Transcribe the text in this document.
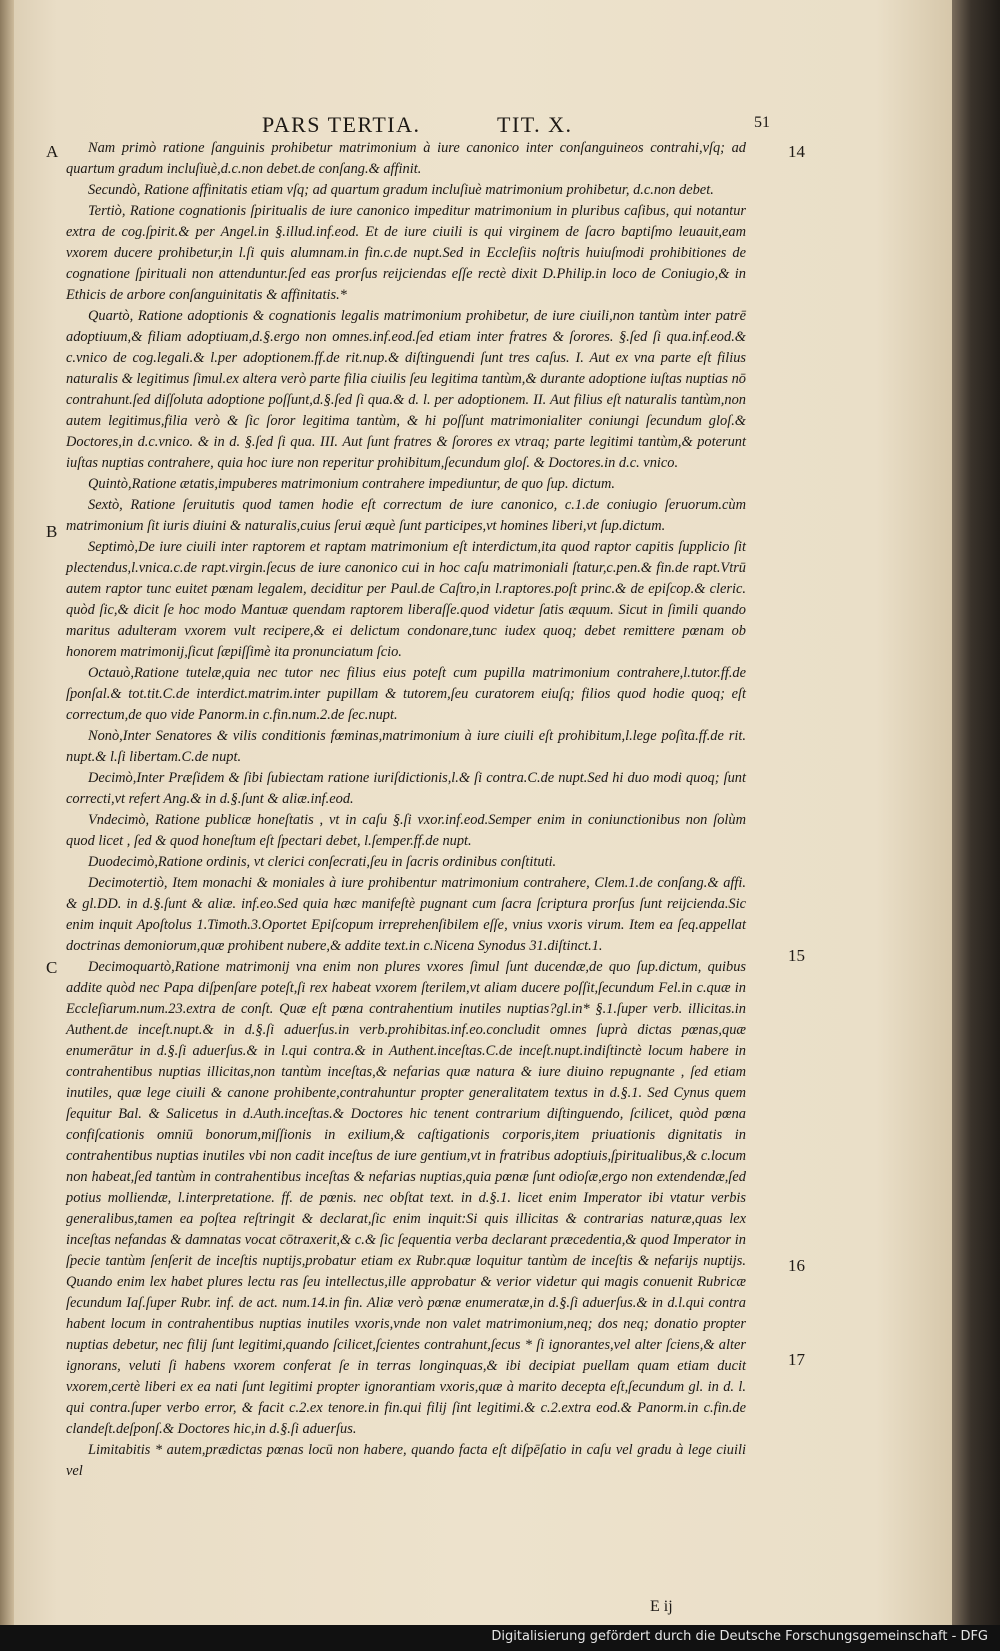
PARS TERTIA.	TIT. X.	51
A
B
C
14
15
16
17

Nam primò ratione ſanguinis prohibetur matrimonium à iure canonico inter conſanguineos contrahi,vſq; ad quartum gradum incluſiuè,d.c.non debet.de conſang.& affinit.

Secundò, Ratione affinitatis etiam vſq; ad quartum gradum incluſiuè matrimonium prohibetur, d.c.non debet.

Tertiò, Ratione cognationis ſpiritualis de iure canonico impeditur matrimonium in pluribus caſibus, qui notantur extra de cog.ſpirit.& per Angel.in §.illud.inf.eod. Et de iure ciuili is qui virginem de ſacro baptiſmo leuauit,eam vxorem ducere prohibetur,in l.ſi quis alumnam.in fin.c.de nupt.Sed in Eccleſiis noſtris huiuſmodi prohibitiones de cognatione ſpirituali non attenduntur.ſed eas prorſus reijciendas eſſe rectè dixit D.Philip.in loco de Coniugio,& in Ethicis de arbore conſanguinitatis & affinitatis.*

Quartò, Ratione adoptionis & cognationis legalis matrimonium prohibetur, de iure ciuili,non tantùm inter patrē adoptiuum,& filiam adoptiuam,d.§.ergo non omnes.inf.eod.ſed etiam inter fratres & ſorores. §.ſed ſi qua.inf.eod.& c.vnico de cog.legali.& l.per adoptionem.ff.de rit.nup.& diſtinguendi ſunt tres caſus. I. Aut ex vna parte eſt filius naturalis & legitimus ſimul.ex altera verò parte filia ciuilis ſeu legitima tantùm,& durante adoptione iuſtas nuptias nō contrahunt.ſed diſſoluta adoptione poſſunt,d.§.ſed ſi qua.& d. l. per adoptionem. II. Aut filius eſt naturalis tantùm,non autem legitimus,filia verò & ſic ſoror legitima tantùm, & hi poſſunt matrimonialiter coniungi ſecundum gloſ.& Doctores,in d.c.vnico. & in d. §.ſed ſi qua. III. Aut ſunt fratres & ſorores ex vtraq; parte legitimi tantùm,& poterunt iuſtas nuptias contrahere, quia hoc iure non reperitur prohibitum,ſecundum gloſ. & Doctores.in d.c. vnico.

Quintò,Ratione ætatis,impuberes matrimonium contrahere impediuntur, de quo ſup. dictum.

Sextò, Ratione ſeruitutis quod tamen hodie eſt correctum de iure canonico, c.1.de coniugio ſeruorum.cùm matrimonium ſit iuris diuini & naturalis,cuius ſerui æquè ſunt participes,vt homines liberi,vt ſup.dictum.

Septimò,De iure ciuili inter raptorem et raptam matrimonium eſt interdictum,ita quod raptor capitis ſupplicio ſit plectendus,l.vnica.c.de rapt.virgin.ſecus de iure canonico cui in hoc caſu matrimoniali ſtatur,c.pen.& fin.de rapt.Vtrū autem raptor tunc euitet pœnam legalem, deciditur per Paul.de Caſtro,in l.raptores.poſt princ.& de epiſcop.& cleric. quòd ſic,& dicit ſe hoc modo Mantuæ quendam raptorem liberaſſe.quod videtur ſatis æquum. Sicut in ſimili quando maritus adulteram vxorem vult recipere,& ei delictum condonare,tunc iudex quoq; debet remittere pœnam ob honorem matrimonij,ſicut ſæpiſſimè ita pronunciatum ſcio.

Octauò,Ratione tutelæ,quia nec tutor nec filius eius poteſt cum pupilla matrimonium contrahere,l.tutor.ff.de ſponſal.& tot.tit.C.de interdict.matrim.inter pupillam & tutorem,ſeu curatorem eiuſq; filios quod hodie quoq; eſt correctum,de quo vide Panorm.in c.fin.num.2.de ſec.nupt.

Nonò,Inter Senatores & vilis conditionis fœminas,matrimonium à iure ciuili eſt prohibitum,l.lege poſita.ff.de rit. nupt.& l.ſi libertam.C.de nupt.

Decimò,Inter Præſidem & ſibi ſubiectam ratione iuriſdictionis,l.& ſi contra.C.de nupt.Sed hi duo modi quoq; ſunt correcti,vt refert Ang.& in d.§.ſunt & aliæ.inf.eod.

Vndecimò, Ratione publicæ honeſtatis , vt in caſu §.ſi vxor.inf.eod.Semper enim in coniunctionibus non ſolùm quod licet , ſed & quod honeſtum eſt ſpectari debet, l.ſemper.ff.de nupt.

Duodecimò,Ratione ordinis, vt clerici conſecrati,ſeu in ſacris ordinibus conſtituti.

Decimotertiò, Item monachi & moniales à iure prohibentur matrimonium contrahere, Clem.1.de conſang.& affi. & gl.DD. in d.§.ſunt & aliæ. inf.eo.Sed quia hæc manifeſtè pugnant cum ſacra ſcriptura prorſus ſunt reijcienda.Sic enim inquit Apoſtolus 1.Timoth.3.Oportet Epiſcopum irreprehenſibilem eſſe, vnius vxoris virum. Item ea ſeq.appellat doctrinas demoniorum,quæ prohibent nubere,& addite text.in c.Nicena Synodus 31.diſtinct.1.

Decimoquartò,Ratione matrimonij vna enim non plures vxores ſimul ſunt ducendæ,de quo ſup.dictum, quibus addite quòd nec Papa diſpenſare poteſt,ſi rex habeat vxorem ſterilem,vt aliam ducere poſſit,ſecundum Fel.in c.quæ in Eccleſiarum.num.23.extra de conſt. Quæ eſt pœna contrahentium inutiles nuptias?gl.in* §.1.ſuper verb. illicitas.in Authent.de inceſt.nupt.& in d.§.ſi aduerſus.in verb.prohibitas.inf.eo.concludit omnes ſuprà dictas pœnas,quæ enumerātur in d.§.ſi aduerſus.& in l.qui contra.& in Authent.inceſtas.C.de inceſt.nupt.indiſtinctè locum habere in contrahentibus nuptias illicitas,non tantùm inceſtas,& nefarias quæ natura & iure diuino repugnante , ſed etiam inutiles, quæ lege ciuili & canone prohibente,contrahuntur propter generalitatem textus in d.§.1. Sed Cynus quem ſequitur Bal. & Salicetus in d.Auth.inceſtas.& Doctores hic tenent contrarium diſtinguendo, ſcilicet, quòd pœna confiſcationis omniū bonorum,miſſionis in exilium,& caſtigationis corporis,item priuationis dignitatis in contrahentibus nuptias inutiles vbi non cadit inceſtus de iure gentium,vt in fratribus adoptiuis,ſpiritualibus,& c.locum non habeat,ſed tantùm in contrahentibus inceſtas & nefarias nuptias,quia pœnæ ſunt odioſæ,ergo non extendendæ,ſed potius molliendæ, l.interpretatione. ff. de pœnis. nec obſtat text. in d.§.1. licet enim Imperator ibi vtatur verbis generalibus,tamen ea poſtea reſtringit & declarat,ſic enim inquit:Si quis illicitas & contrarias naturæ,quas lex inceſtas nefandas & damnatas vocat cōtraxerit,& c.& ſic ſequentia verba declarant præcedentia,& quod Imperator in ſpecie tantùm ſenſerit de inceſtis nuptijs,probatur etiam ex Rubr.quæ loquitur tantùm de inceſtis & nefarijs nuptijs. Quando enim lex habet plures lectu ras ſeu intellectus,ille approbatur & verior videtur qui magis conuenit Rubricæ ſecundum Iaſ.ſuper Rubr. inf. de act. num.14.in fin. Aliæ verò pœnæ enumeratæ,in d.§.ſi aduerſus.& in d.l.qui contra habent locum in contrahentibus nuptias inutiles vxoris,vnde non valet matrimonium,neq; dos neq; donatio propter nuptias debetur, nec filij ſunt legitimi,quando ſcilicet,ſcientes contrahunt,ſecus * ſi ignorantes,vel alter ſciens,& alter ignorans, veluti ſi habens vxorem conferat ſe in terras longinquas,& ibi decipiat puellam quam etiam ducit vxorem,certè liberi ex ea nati ſunt legitimi propter ignorantiam vxoris,quæ à marito decepta eſt,ſecundum gl. in d. l. qui contra.ſuper verbo error, & facit c.2.ex tenore.in fin.qui filij ſint legitimi.& c.2.extra eod.& Panorm.in c.fin.de clandeſt.deſponſ.& Doctores hic,in d.§.ſi aduerſus.

Limitabitis * autem,prædictas pœnas locū non habere, quando facta eſt diſpēſatio in caſu vel gradu à lege ciuili vel

E ij
Digitalisierung gefördert durch die Deutsche Forschungsgemeinschaft - DFG
